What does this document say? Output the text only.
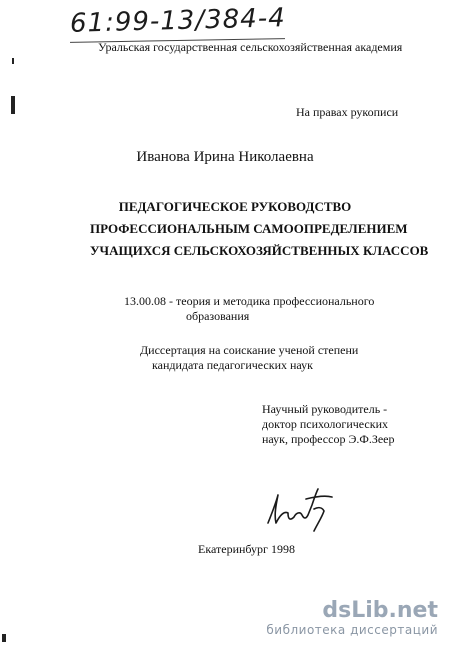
61:99-13/384-4
Уральская государственная сельскохозяйственная академия
На правах рукописи
Иванова Ирина Николаевна
ПЕДАГОГИЧЕСКОЕ РУКОВОДСТВО
ПРОФЕССИОНАЛЬНЫМ САМООПРЕДЕЛЕНИЕМ
УЧАЩИХСЯ СЕЛЬСКОХОЗЯЙСТВЕННЫХ КЛАССОВ
13.00.08 - теория и методика профессионального
образования
Диссертация на соискание ученой степени
кандидата педагогических наук
Научный руководитель -
доктор психологических
наук, профессор Э.Ф.Зеер
Екатеринбург 1998
dsLib.net
библиотека диссертаций
